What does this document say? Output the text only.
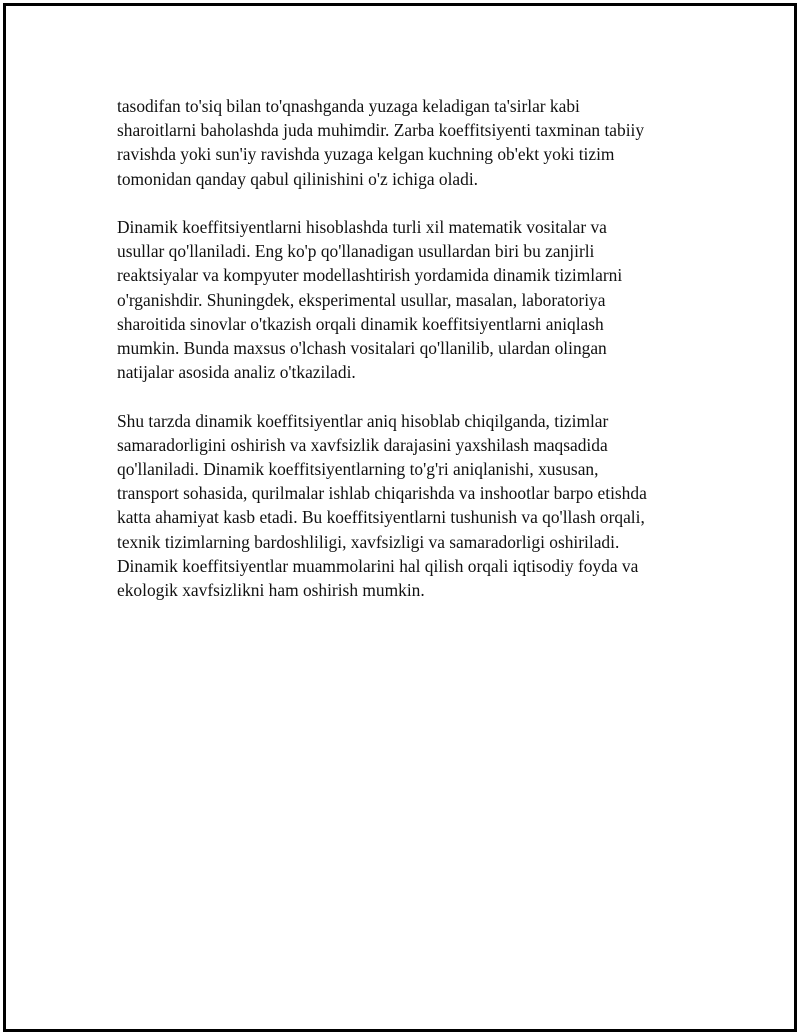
tasodifan to'siq bilan to'qnashganda yuzaga keladigan ta'sirlar kabi
sharoitlarni baholashda juda muhimdir. Zarba koeffitsiyenti taxminan tabiiy
ravishda yoki sun'iy ravishda yuzaga kelgan kuchning ob'ekt yoki tizim
tomonidan qanday qabul qilinishini o'z ichiga oladi.

Dinamik koeffitsiyentlarni hisoblashda turli xil matematik vositalar va
usullar qo'llaniladi. Eng ko'p qo'llanadigan usullardan biri bu zanjirli
reaktsiyalar va kompyuter modellashtirish yordamida dinamik tizimlarni
o'rganishdir. Shuningdek, eksperimental usullar, masalan, laboratoriya
sharoitida sinovlar o'tkazish orqali dinamik koeffitsiyentlarni aniqlash
mumkin. Bunda maxsus o'lchash vositalari qo'llanilib, ulardan olingan
natijalar asosida analiz o'tkaziladi.

Shu tarzda dinamik koeffitsiyentlar aniq hisoblab chiqilganda, tizimlar
samaradorligini oshirish va xavfsizlik darajasini yaxshilash maqsadida
qo'llaniladi. Dinamik koeffitsiyentlarning to'g'ri aniqlanishi, xususan,
transport sohasida, qurilmalar ishlab chiqarishda va inshootlar barpo etishda
katta ahamiyat kasb etadi. Bu koeffitsiyentlarni tushunish va qo'llash orqali,
texnik tizimlarning bardoshliligi, xavfsizligi va samaradorligi oshiriladi.
Dinamik koeffitsiyentlar muammolarini hal qilish orqali iqtisodiy foyda va
ekologik xavfsizlikni ham oshirish mumkin.
